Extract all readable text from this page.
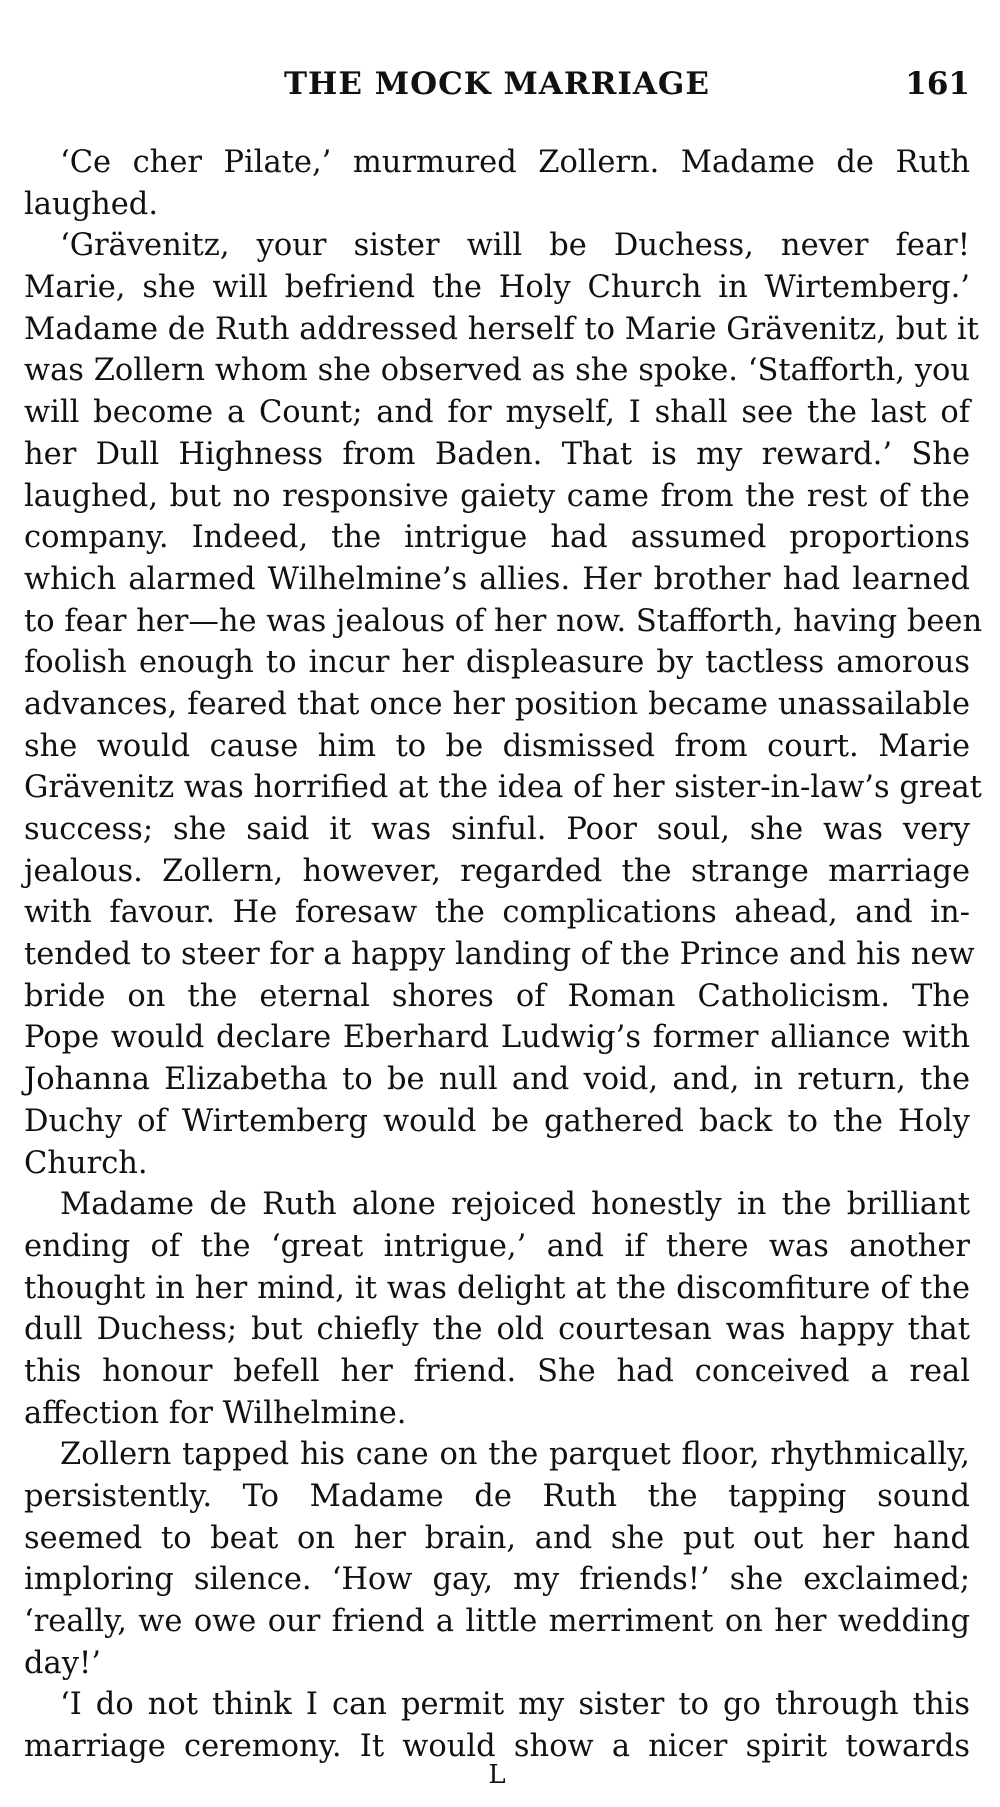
THE MOCK MARRIAGE	161
‘Ce cher Pilate,’ murmured Zollern. Madame de Ruth
laughed.
‘Grävenitz, your sister will be Duchess, never fear!
Marie, she will befriend the Holy Church in Wirtemberg.’
Madame de Ruth addressed herself to Marie Grävenitz, but it
was Zollern whom she observed as she spoke. ‘Stafforth, you
will become a Count; and for myself, I shall see the last of
her Dull Highness from Baden. That is my reward.’ She
laughed, but no responsive gaiety came from the rest of the
company. Indeed, the intrigue had assumed proportions
which alarmed Wilhelmine’s allies. Her brother had learned
to fear her—he was jealous of her now. Stafforth, having been
foolish enough to incur her displeasure by tactless amorous
advances, feared that once her position became unassailable
she would cause him to be dismissed from court. Marie
Grävenitz was horrified at the idea of her sister-in-law’s great
success; she said it was sinful. Poor soul, she was very
jealous. Zollern, however, regarded the strange marriage
with favour. He foresaw the complications ahead, and in-
tended to steer for a happy landing of the Prince and his new
bride on the eternal shores of Roman Catholicism. The
Pope would declare Eberhard Ludwig’s former alliance with
Johanna Elizabetha to be null and void, and, in return, the
Duchy of Wirtemberg would be gathered back to the Holy
Church.
Madame de Ruth alone rejoiced honestly in the brilliant
ending of the ‘great intrigue,’ and if there was another
thought in her mind, it was delight at the discomfiture of the
dull Duchess; but chiefly the old courtesan was happy that
this honour befell her friend. She had conceived a real
affection for Wilhelmine.
Zollern tapped his cane on the parquet floor, rhythmically,
persistently. To Madame de Ruth the tapping sound
seemed to beat on her brain, and she put out her hand
imploring silence. ‘How gay, my friends!’ she exclaimed;
‘really, we owe our friend a little merriment on her wedding
day!’
‘I do not think I can permit my sister to go through this
marriage ceremony. It would show a nicer spirit towards
L
